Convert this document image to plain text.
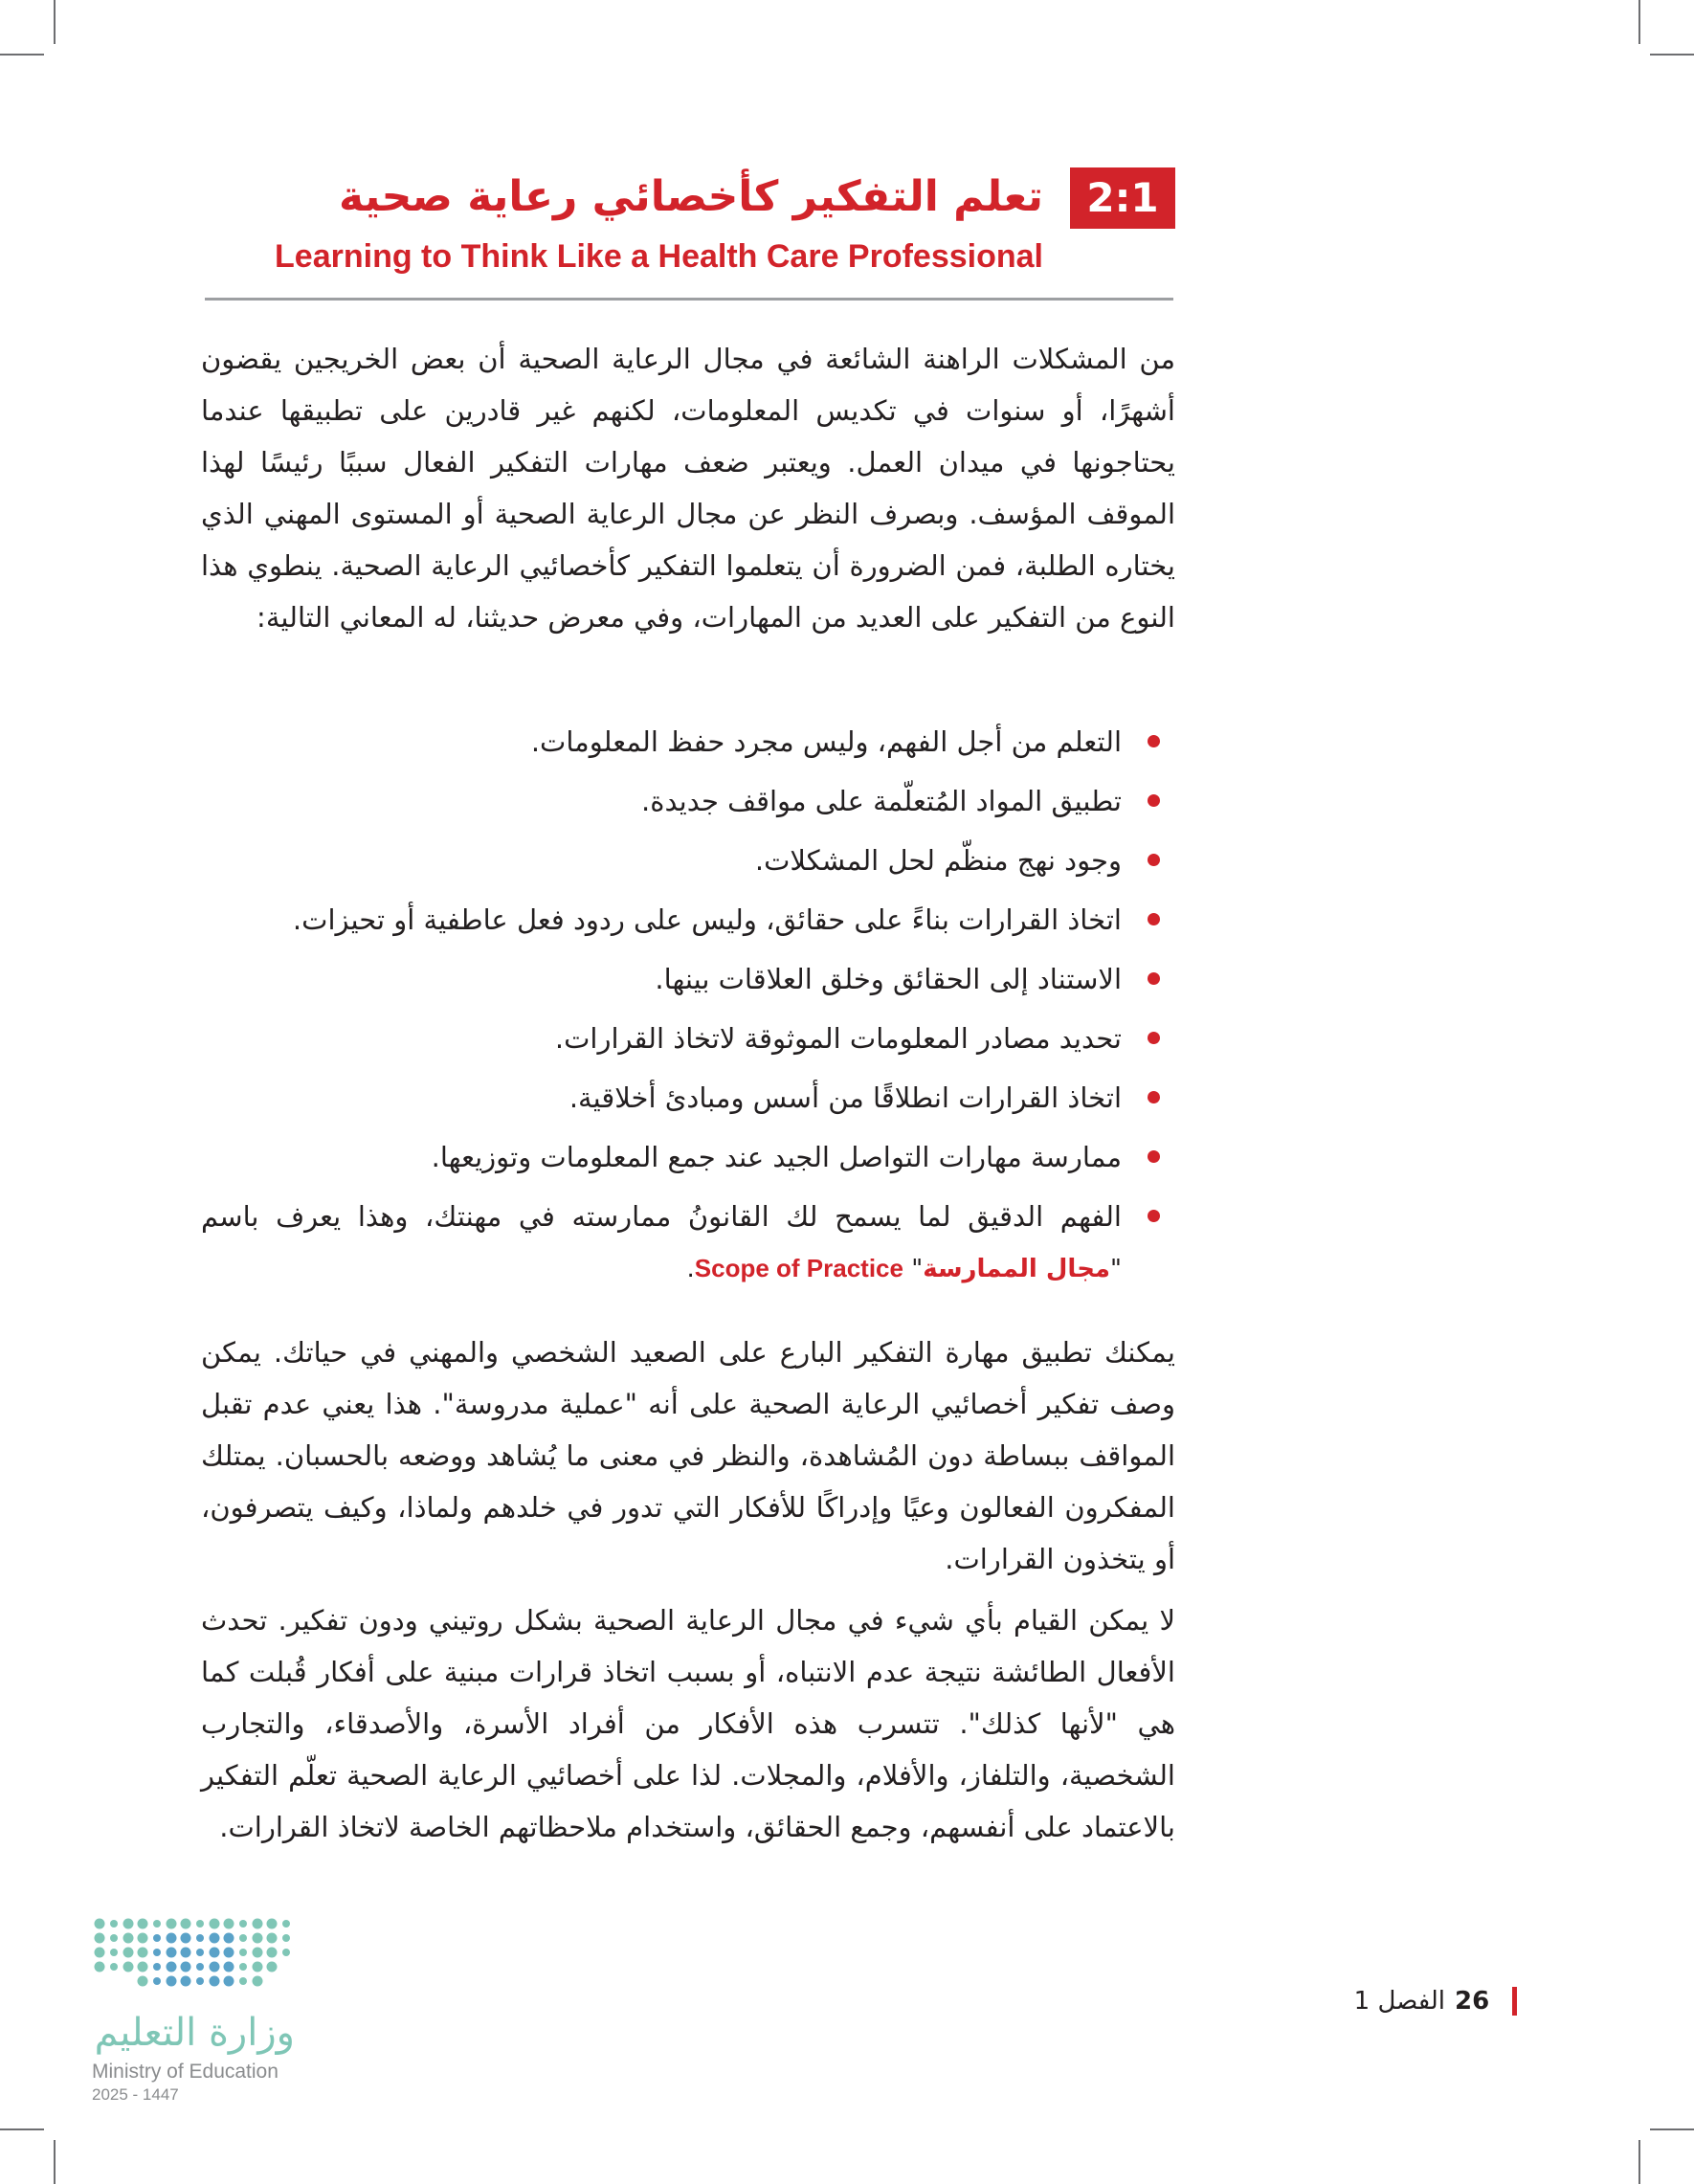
2:1
تعلم التفكير كأخصائي رعاية صحية
Learning to Think Like a Health Care Professional

من المشكلات الراهنة الشائعة في مجال الرعاية الصحية أن بعض الخريجين يقضون أشهرًا، أو سنوات في تكديس المعلومات، لكنهم غير قادرين على تطبيقها عندما يحتاجونها في ميدان العمل. ويعتبر ضعف مهارات التفكير الفعال سببًا رئيسًا لهذا الموقف المؤسف. وبصرف النظر عن مجال الرعاية الصحية أو المستوى المهني الذي يختاره الطلبة، فمن الضرورة أن يتعلموا التفكير كأخصائيي الرعاية الصحية. ينطوي هذا النوع من التفكير على العديد من المهارات، وفي معرض حديثنا، له المعاني التالية:

التعلم من أجل الفهم، وليس مجرد حفظ المعلومات.
تطبيق المواد المُتعلّمة على مواقف جديدة.
وجود نهج منظّم لحل المشكلات.
اتخاذ القرارات بناءً على حقائق، وليس على ردود فعل عاطفية أو تحيزات.
الاستناد إلى الحقائق وخلق العلاقات بينها.
تحديد مصادر المعلومات الموثوقة لاتخاذ القرارات.
اتخاذ القرارات انطلاقًا من أسس ومبادئ أخلاقية.
ممارسة مهارات التواصل الجيد عند جمع المعلومات وتوزيعها.
الفهم الدقيق لما يسمح لك القانونُ ممارسته في مهنتك، وهذا يعرف باسم
"مجال الممارسة" Scope of Practice.

يمكنك تطبيق مهارة التفكير البارع على الصعيد الشخصي والمهني في حياتك. يمكن وصف تفكير أخصائيي الرعاية الصحية على أنه "عملية مدروسة". هذا يعني عدم تقبل المواقف ببساطة دون المُشاهدة، والنظر في معنى ما يُشاهد ووضعه بالحسبان. يمتلك المفكرون الفعالون وعيًا وإدراكًا للأفكار التي تدور في خلدهم ولماذا، وكيف يتصرفون، أو يتخذون القرارات.

لا يمكن القيام بأي شيء في مجال الرعاية الصحية بشكل روتيني ودون تفكير. تحدث الأفعال الطائشة نتيجة عدم الانتباه، أو بسبب اتخاذ قرارات مبنية على أفكار قُبلت كما هي "لأنها كذلك". تتسرب هذه الأفكار من أفراد الأسرة، والأصدقاء، والتجارب الشخصية، والتلفاز، والأفلام، والمجلات. لذا على أخصائيي الرعاية الصحية تعلّم التفكير بالاعتماد على أنفسهم، وجمع الحقائق، واستخدام ملاحظاتهم الخاصة لاتخاذ القرارات.

وزارة التعليم
Ministry of Education
2025 - 1447
الفصل 1 26
